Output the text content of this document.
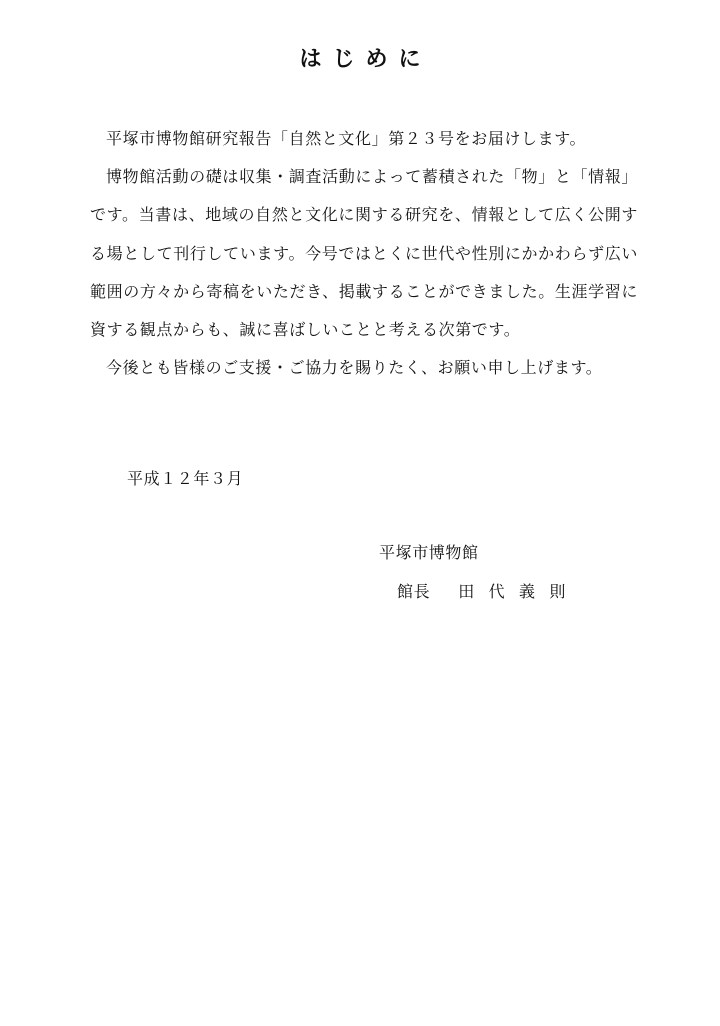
はじめに

平塚市博物館研究報告「自然と文化」第２３号をお届けします。

博物館活動の礎は収集・調査活動によって蓄積された「物」と「情報」です。当書は、地域の自然と文化に関する研究を、情報として広く公開する場として刊行しています。今号ではとくに世代や性別にかかわらず広い範囲の方々から寄稿をいただき、掲載することができました。生涯学習に資する観点からも、誠に喜ばしいことと考える次第です。

今後とも皆様のご支援・ご協力を賜りたく、お願い申し上げます。

平成１２年３月
平塚市博物館
館長 田代義則
